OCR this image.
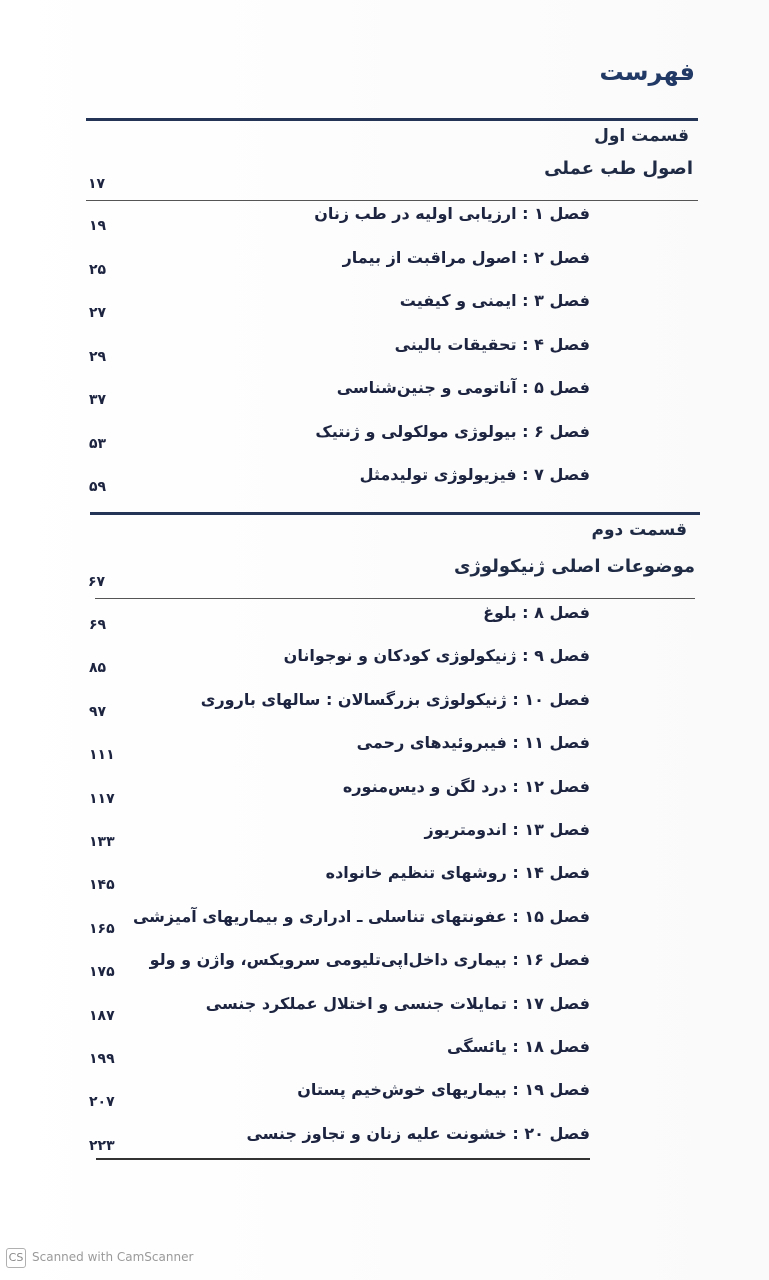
فهرست
قسمت اول
اصول طب عملی
۱۷
فصل ۱ : ارزیابی اولیه در طب زنان
۱۹
فصل ۲ : اصول مراقبت از بیمار
۲۵
فصل ۳ : ایمنی و کیفیت
۲۷
فصل ۴ : تحقیقات بالینی
۲۹
فصل ۵ : آناتومی و جنین‌شناسی
۳۷
فصل ۶ : بیولوژی مولکولی و ژنتیک
۵۳
فصل ۷ : فیزیولوژی تولیدمثل
۵۹
قسمت دوم
موضوعات اصلی ژنیکولوژی
۶۷
فصل ۸ : بلوغ
۶۹
فصل ۹ : ژنیکولوژی کودکان و نوجوانان
۸۵
فصل ۱۰ : ژنیکولوژی بزرگسالان : سالهای باروری
۹۷
فصل ۱۱ : فیبروئیدهای رحمی
۱۱۱
فصل ۱۲ : درد لگن و دیس‌منوره
۱۱۷
فصل ۱۳ : اندومتریوز
۱۳۳
فصل ۱۴ : روشهای تنظیم خانواده
۱۴۵
فصل ۱۵ : عفونتهای تناسلی ـ ادراری و بیماریهای آمیزشی
۱۶۵
فصل ۱۶ : بیماری داخل‌اپی‌تلیومی سرویکس، واژن و ولو
۱۷۵
فصل ۱۷ : تمایلات جنسی و اختلال عملکرد جنسی
۱۸۷
فصل ۱۸ : یائسگی
۱۹۹
فصل ۱۹ : بیماریهای خوش‌خیم پستان
۲۰۷
فصل ۲۰ : خشونت علیه زنان و تجاوز جنسی
۲۲۳
CS Scanned with CamScanner
